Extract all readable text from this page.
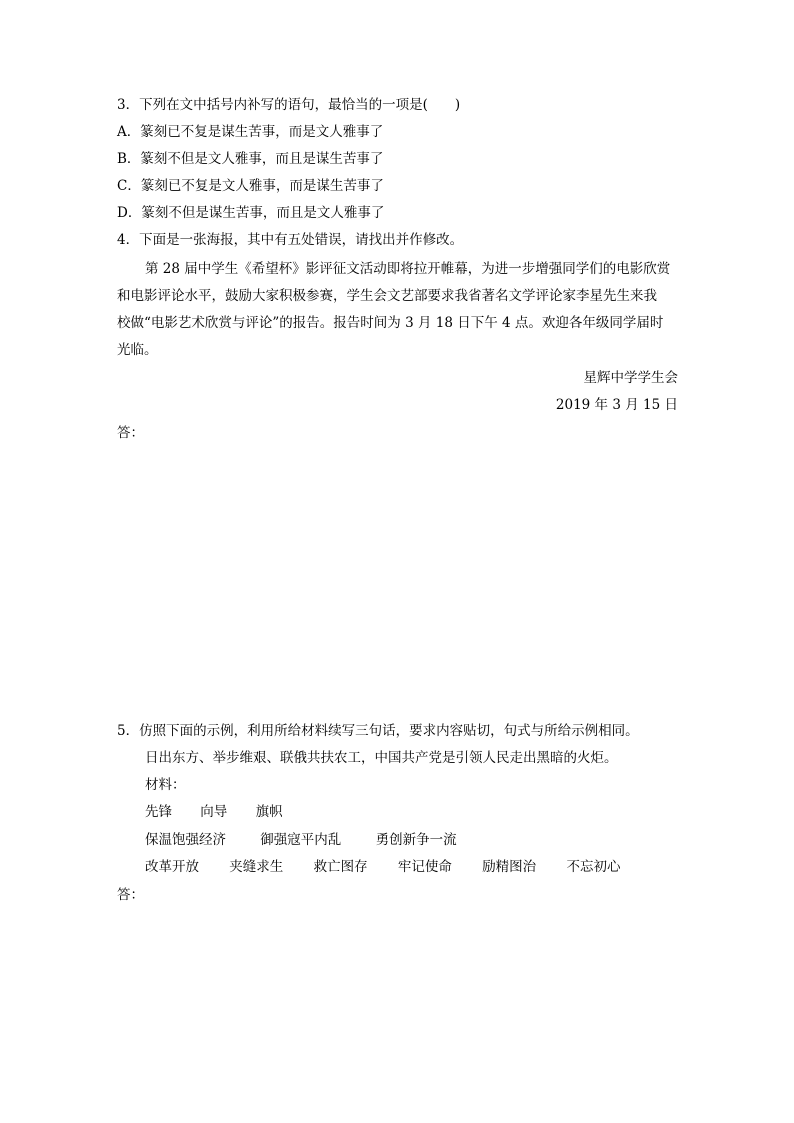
3．下列在文中括号内补写的语句，最恰当的一项是(　　)
A．篆刻已不复是谋生苦事，而是文人雅事了
B．篆刻不但是文人雅事，而且是谋生苦事了
C．篆刻已不复是文人雅事，而是谋生苦事了
D．篆刻不但是谋生苦事，而且是文人雅事了
4．下面是一张海报，其中有五处错误，请找出并作修改。
第 28 届中学生《希望杯》影评征文活动即将拉开帷幕，为进一步增强同学们的电影欣赏
和电影评论水平，鼓励大家积极参赛，学生会文艺部要求我省著名文学评论家李星先生来我
校做“电影艺术欣赏与评论”的报告。报告时间为 3 月 18 日下午 4 点。欢迎各年级同学届时
光临。
星辉中学学生会
2019 年 3 月 15 日
答：
5．仿照下面的示例，利用所给材料续写三句话，要求内容贴切，句式与所给示例相同。
日出东方、举步维艰、联俄共扶农工，中国共产党是引领人民走出黑暗的火炬。
材料：
先锋 向导 旗帜
保温饱强经济	御强寇平内乱	勇创新争一流
改革开放 夹缝求生 救亡图存 牢记使命 励精图治 不忘初心
答：
